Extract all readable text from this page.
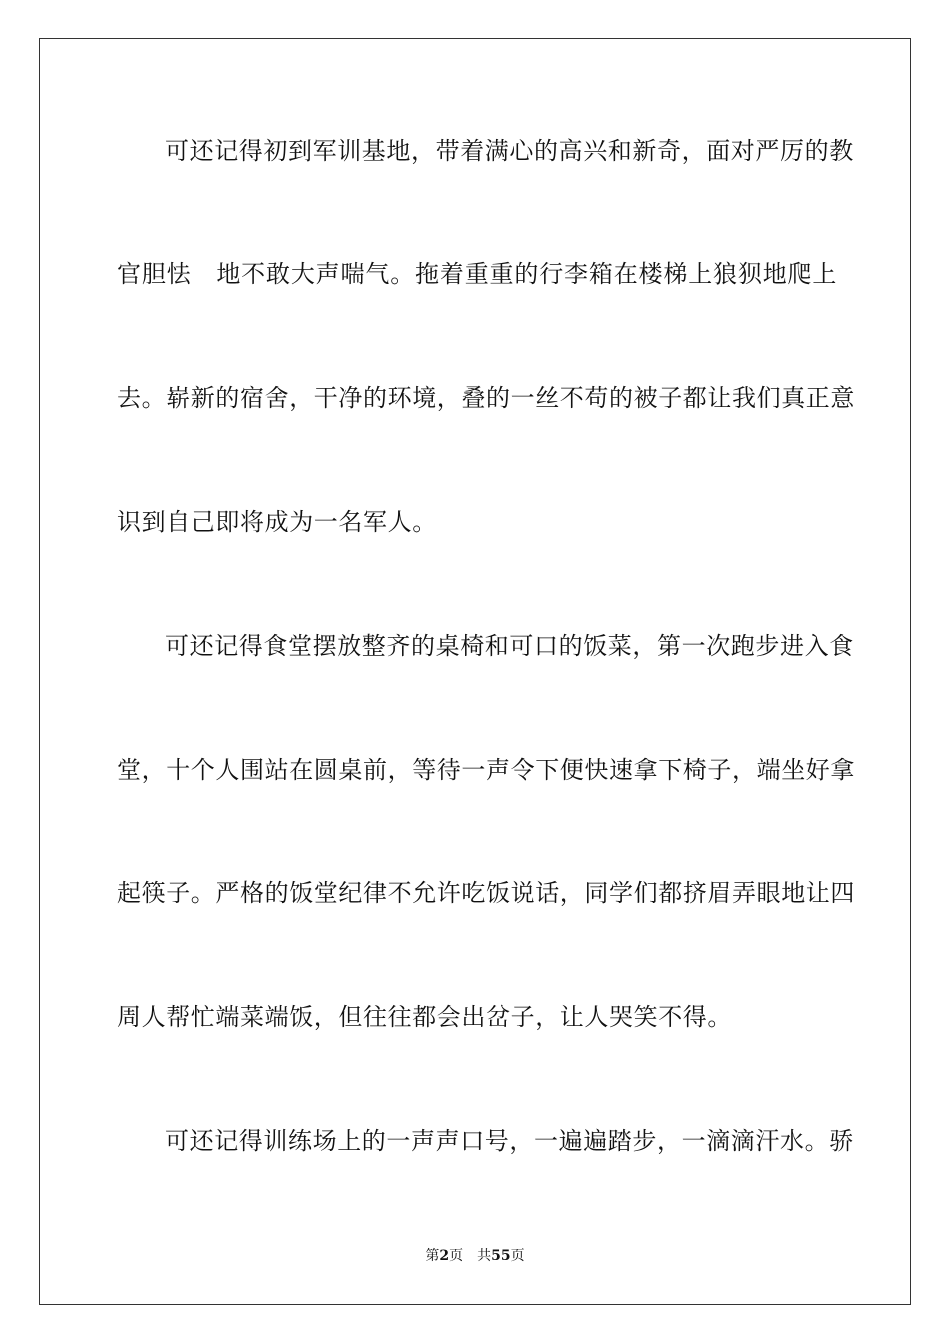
可还记得初到军训基地，带着满心的高兴和新奇，面对严厉的教
官胆怯　地不敢大声喘气。拖着重重的行李箱在楼梯上狼狈地爬上
去。崭新的宿舍，干净的环境，叠的一丝不苟的被子都让我们真正意
识到自己即将成为一名军人。
可还记得食堂摆放整齐的桌椅和可口的饭菜，第一次跑步进入食
堂，十个人围站在圆桌前，等待一声令下便快速拿下椅子，端坐好拿
起筷子。严格的饭堂纪律不允许吃饭说话，同学们都挤眉弄眼地让四
周人帮忙端菜端饭，但往往都会出岔子，让人哭笑不得。
可还记得训练场上的一声声口号，一遍遍踏步，一滴滴汗水。骄
第2页 共55页
